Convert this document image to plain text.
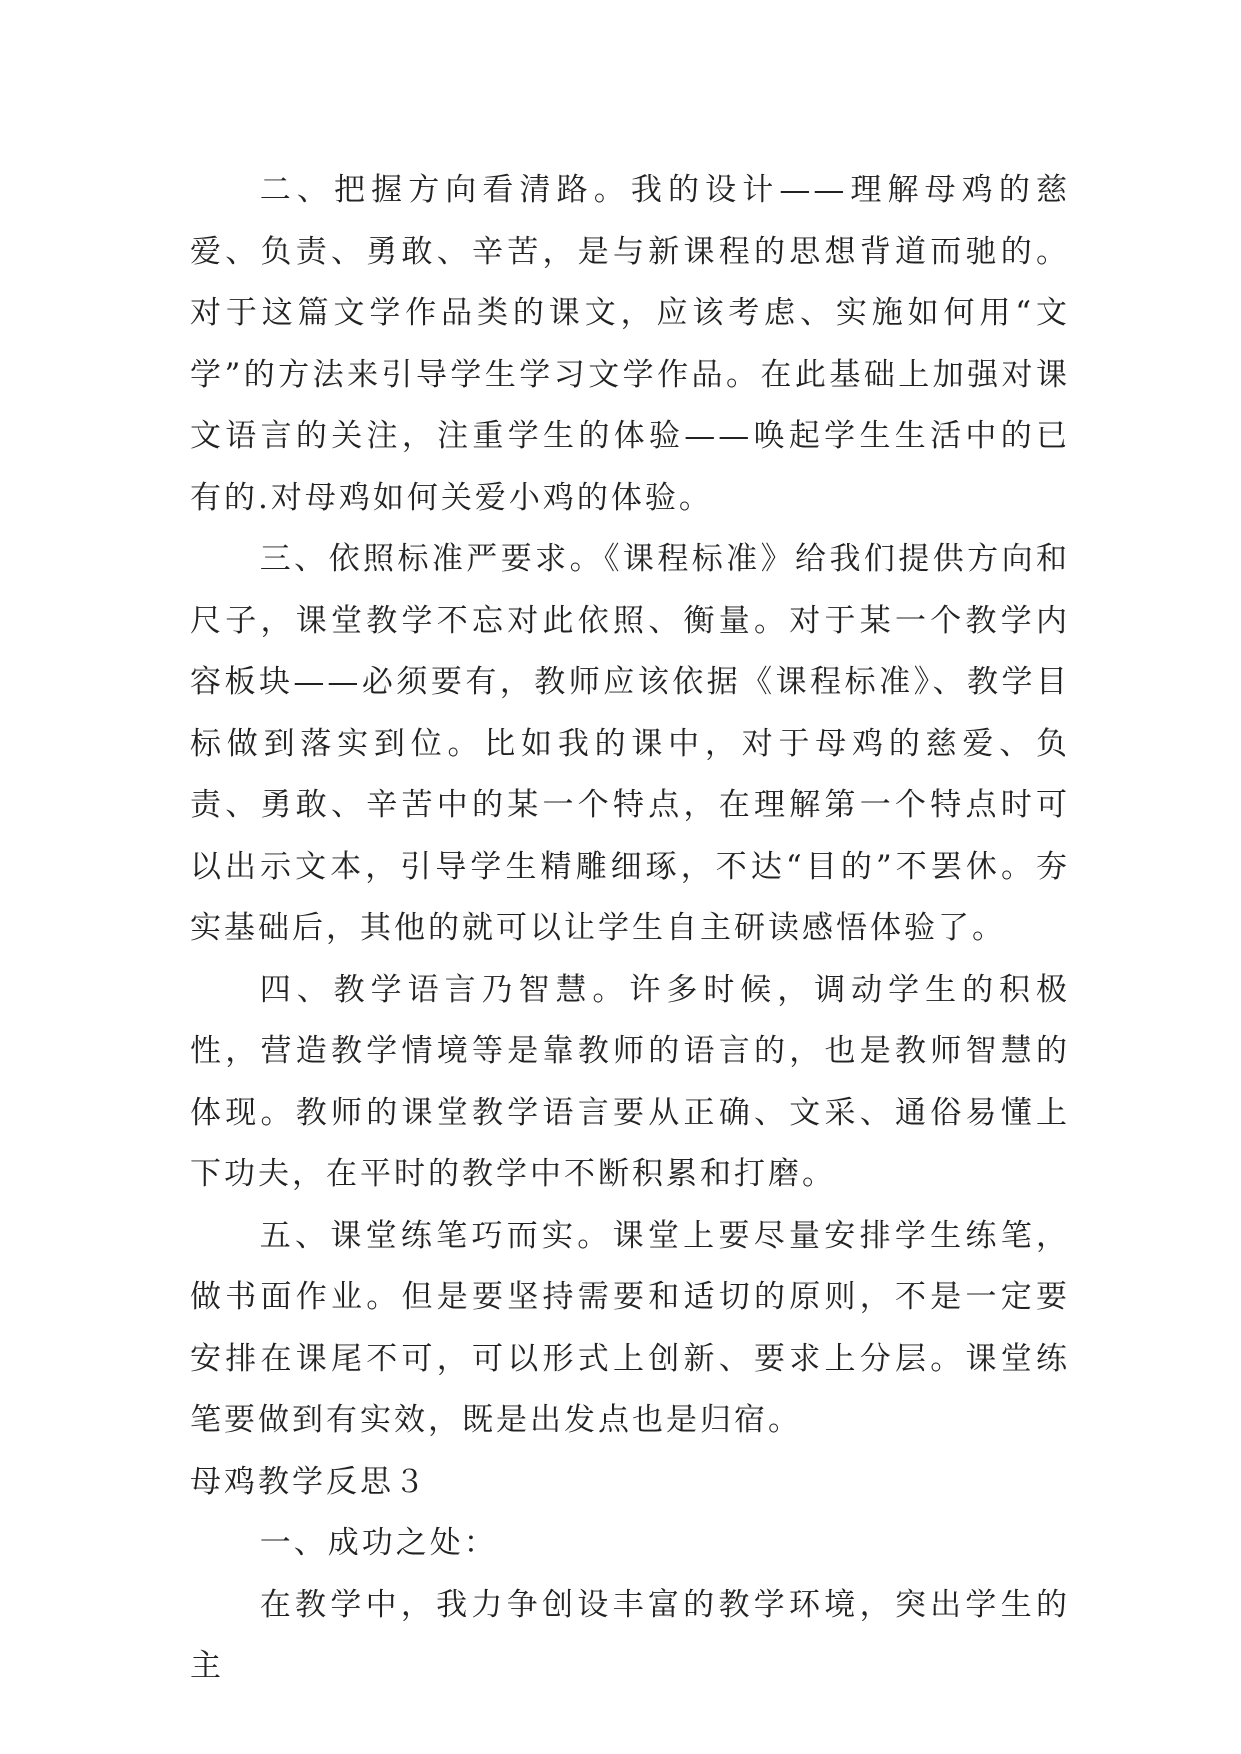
二、把握方向看清路。我的设计——理解母鸡的慈爱、负责、勇敢、辛苦，是与新课程的思想背道而驰的。对于这篇文学作品类的课文，应该考虑、实施如何用“文学”的方法来引导学生学习文学作品。在此基础上加强对课文语言的关注，注重学生的体验——唤起学生生活中的已有的.对母鸡如何关爱小鸡的体验。

三、依照标准严要求。《课程标准》给我们提供方向和尺子，课堂教学不忘对此依照、衡量。对于某一个教学内容板块——必须要有，教师应该依据《课程标准》、教学目标做到落实到位。比如我的课中，对于母鸡的慈爱、负责、勇敢、辛苦中的某一个特点，在理解第一个特点时可以出示文本，引导学生精雕细琢，不达“目的”不罢休。夯实基础后，其他的就可以让学生自主研读感悟体验了。

四、教学语言乃智慧。许多时候，调动学生的积极性，营造教学情境等是靠教师的语言的，也是教师智慧的体现。教师的课堂教学语言要从正确、文采、通俗易懂上下功夫，在平时的教学中不断积累和打磨。

五、课堂练笔巧而实。课堂上要尽量安排学生练笔，做书面作业。但是要坚持需要和适切的原则，不是一定要安排在课尾不可，可以形式上创新、要求上分层。课堂练笔要做到有实效，既是出发点也是归宿。

母鸡教学反思３

一、成功之处：

在教学中，我力争创设丰富的教学环境，突出学生的主
